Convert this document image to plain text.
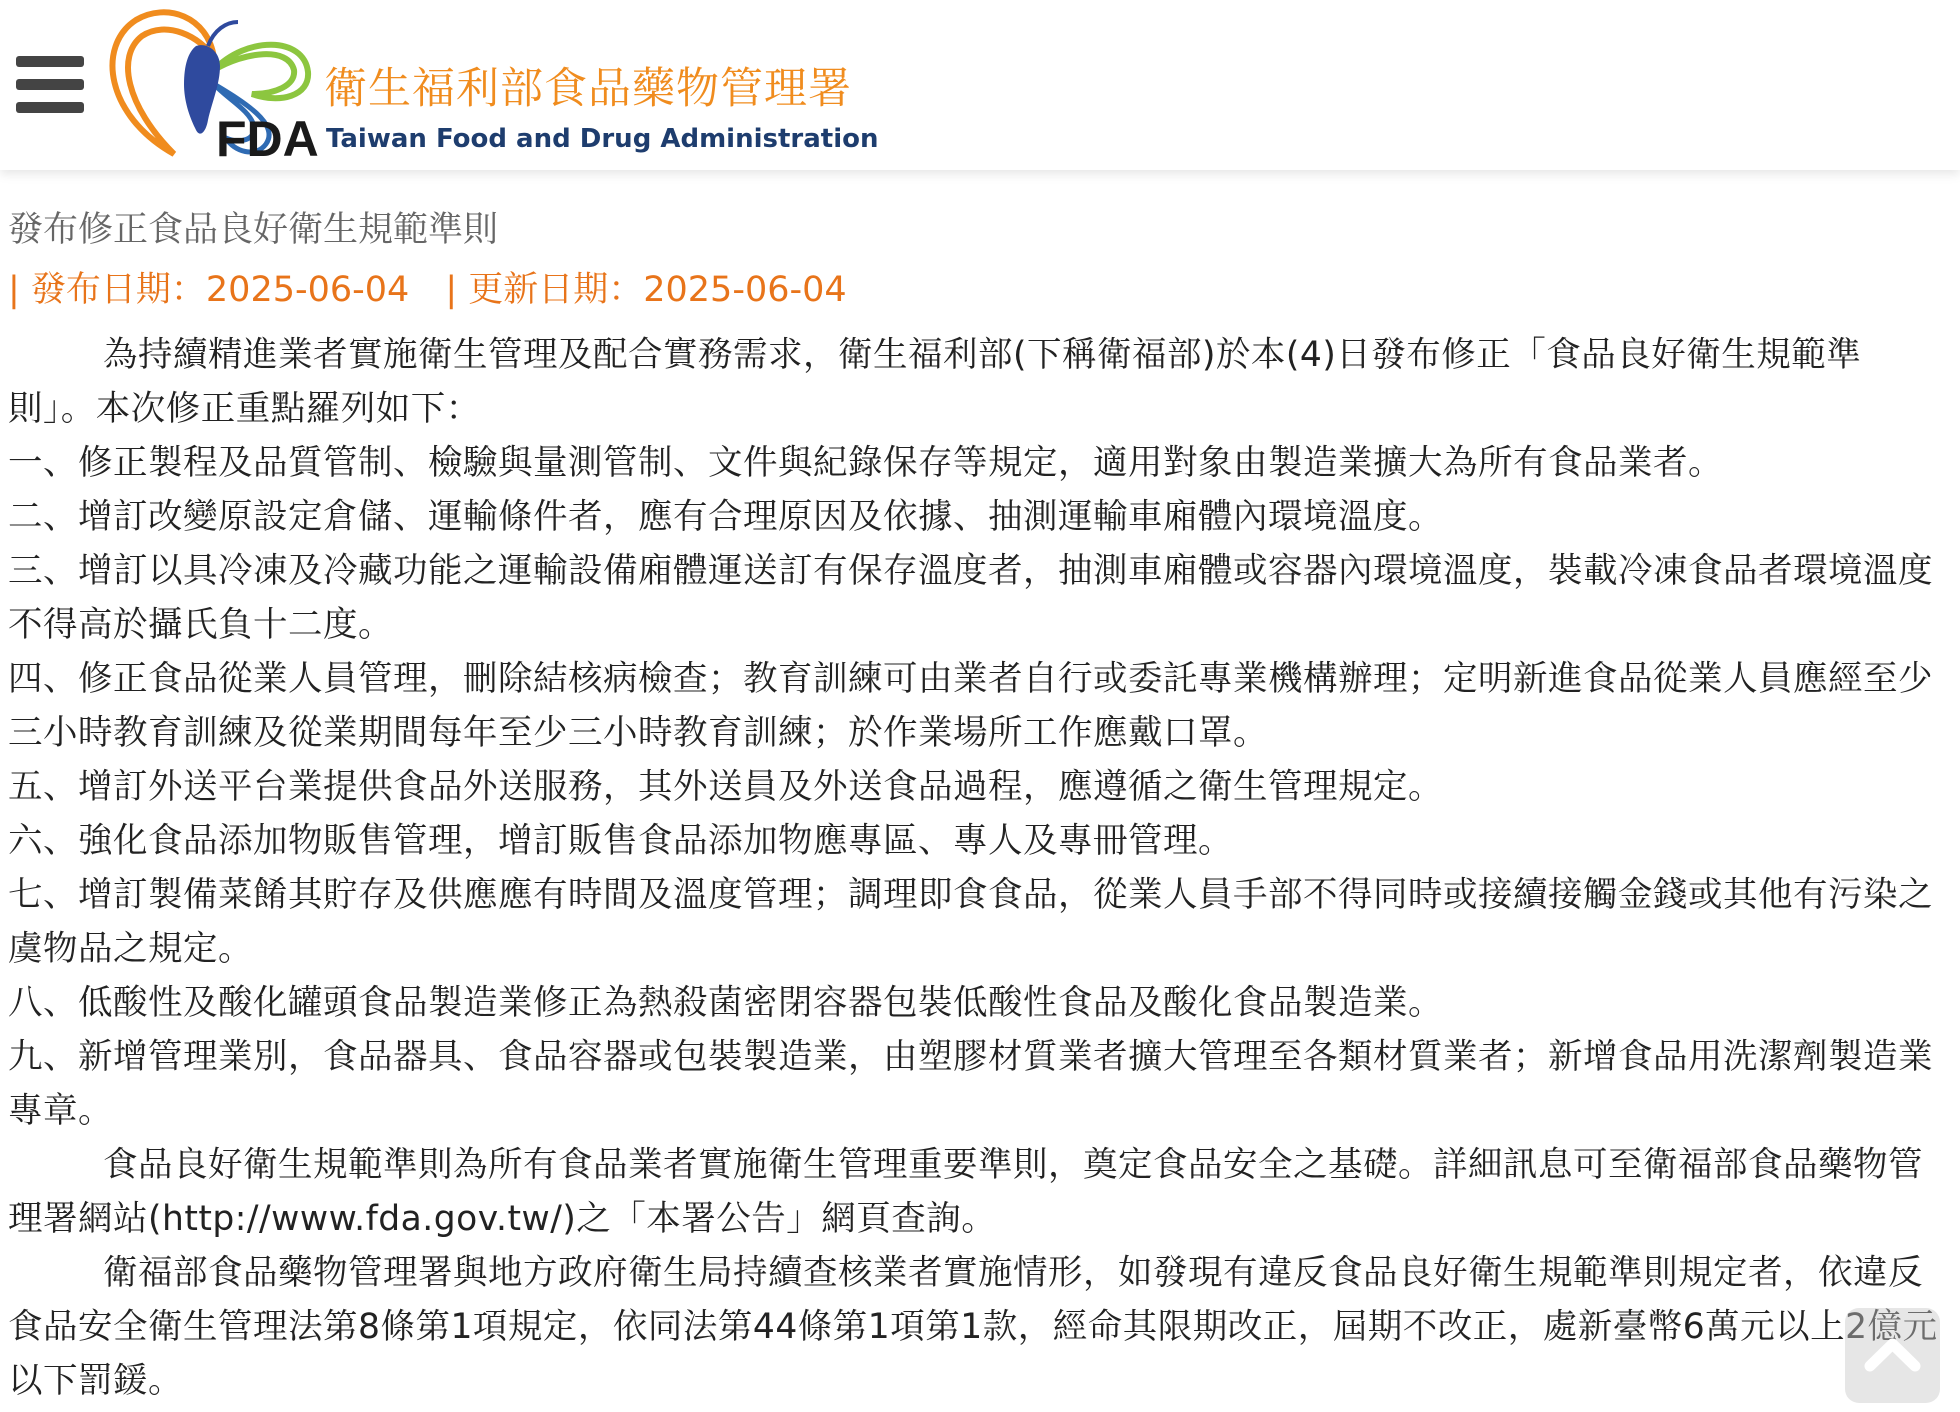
FDA
衛生福利部食品藥物管理署
Taiwan Food and Drug Administration
發布修正食品良好衛生規範準則
| 發布日期：2025-06-04 | 更新日期：2025-06-04

為持續精進業者實施衛生管理及配合實務需求，衛生福利部(下稱衛福部)於本(4)日發布修正「食品良好衛生規範準則」。本次修正重點羅列如下：

一、修正製程及品質管制、檢驗與量測管制、文件與紀錄保存等規定，適用對象由製造業擴大為所有食品業者。

二、增訂改變原設定倉儲、運輸條件者，應有合理原因及依據、抽測運輸車廂體內環境溫度。

三、增訂以具冷凍及冷藏功能之運輸設備廂體運送訂有保存溫度者，抽測車廂體或容器內環境溫度，裝載冷凍食品者環境溫度不得高於攝氏負十二度。

四、修正食品從業人員管理，刪除結核病檢查；教育訓練可由業者自行或委託專業機構辦理；定明新進食品從業人員應經至少三小時教育訓練及從業期間每年至少三小時教育訓練；於作業場所工作應戴口罩。

五、增訂外送平台業提供食品外送服務，其外送員及外送食品過程，應遵循之衛生管理規定。

六、強化食品添加物販售管理，增訂販售食品添加物應專區、專人及專冊管理。

七、增訂製備菜餚其貯存及供應應有時間及溫度管理；調理即食食品，從業人員手部不得同時或接續接觸金錢或其他有污染之虞物品之規定。

八、低酸性及酸化罐頭食品製造業修正為熱殺菌密閉容器包裝低酸性食品及酸化食品製造業。

九、新增管理業別，食品器具、食品容器或包裝製造業，由塑膠材質業者擴大管理至各類材質業者；新增食品用洗潔劑製造業專章。

食品良好衛生規範準則為所有食品業者實施衛生管理重要準則，奠定食品安全之基礎。詳細訊息可至衛福部食品藥物管理署網站(http://www.fda.gov.tw/)之「本署公告」網頁查詢。

衛福部食品藥物管理署與地方政府衛生局持續查核業者實施情形，如發現有違反食品良好衛生規範準則規定者，依違反食品安全衛生管理法第8條第1項規定，依同法第44條第1項第1款，經命其限期改正，屆期不改正，處新臺幣6萬元以上2億元以下罰鍰。
